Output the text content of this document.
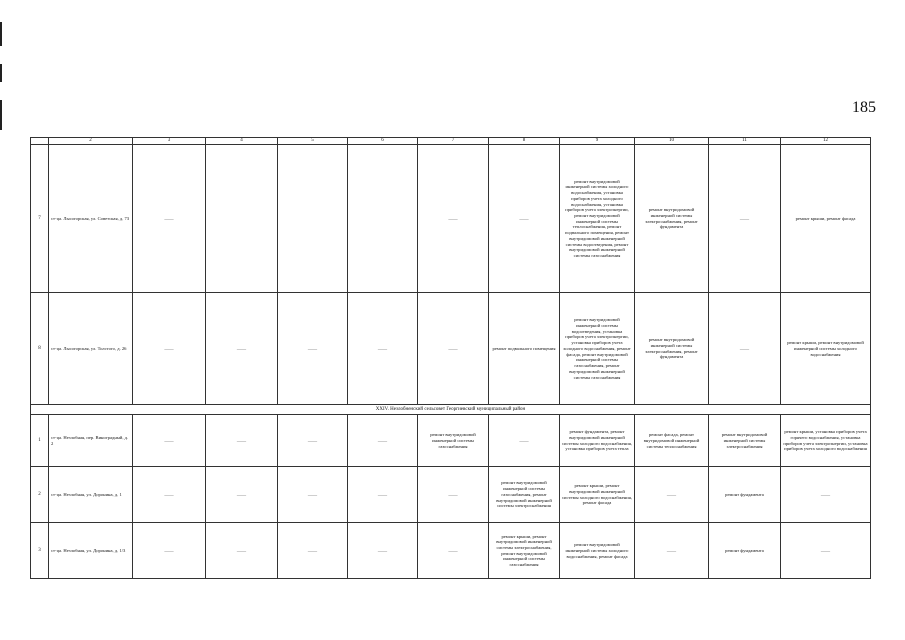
185
	2	3	4	5	6	7	8	9	10	11	12
7	ст-ца. Лысогорская, ул. Советская, д. 73	——				——	——	ремонт внутридомовой инженерной системы холодного водоснабжения, установка приборов учета холодного водоснабжения, установка приборов учета электроэнергии, ремонт внутридомовой инженерной системы теплоснабжения, ремонт подвального помещения, ремонт внутридомовой инженерной системы водоотведения, ремонт внутридомовой инженерной системы газоснабжения	ремонт внутридомовой инженерной системы электроснабжения, ремонт фундамента	——	ремонт крыши, ремонт фасада
8	ст-ца. Лысогорская, ул. Толстого, д. 26	——	——	——	——	——	ремонт подвального помещения	ремонт внутридомовой инженерной системы водоотведения, установка приборов учета электроэнергии, установка приборов учета холодного водоснабжения, ремонт фасада, ремонт внутридомовой инженерной системы газоснабжения, ремонт внутридомовой инженерной системы газоснабжения	ремонт внутридомовой инженерной системы электроснабжения, ремонт фундамента	——	ремонт крыши, ремонт внутридомовой инженерной системы холодного водоснабжения
XXIV. Незлобненский сельсовет Георгиевский муниципальный район											
1	ст-ца. Незлобная, пер. Виноградный, д. 2	——	——	——	——	ремонт внутридомовой инженерной системы газоснабжения	——	ремонт фундамента, ремонт внутридомовой инженерной системы холодного водоснабжения, установка приборов учета тепла	ремонт фасада, ремонт внутридомовой инженерной системы теплоснабжения	ремонт внутридомовой инженерной системы электроснабжения	ремонт крыши, установка приборов учета горячего водоснабжения, установка приборов учета электроэнергии, установка приборов учета холодного водоснабжения
2	ст-ца. Незлобная, ул. Доронина, д. 1	——	——	——	——	——	ремонт внутридомовой инженерной системы газоснабжения, ремонт внутридомовой инженерной системы электроснабжения	ремонт крыши, ремонт внутридомовой инженерной системы холодного водоснабжения, ремонт фасада	——	ремонт фундамента	——
3	ст-ца. Незлобная, ул. Доронина, д. 1/3	——	——	——	——	——	ремонт крыши, ремонт внутридомовой инженерной системы электроснабжения, ремонт внутридомовой инженерной системы газоснабжения	ремонт внутридомовой инженерной системы холодного водоснабжения, ремонт фасада	——	ремонт фундамента	——
